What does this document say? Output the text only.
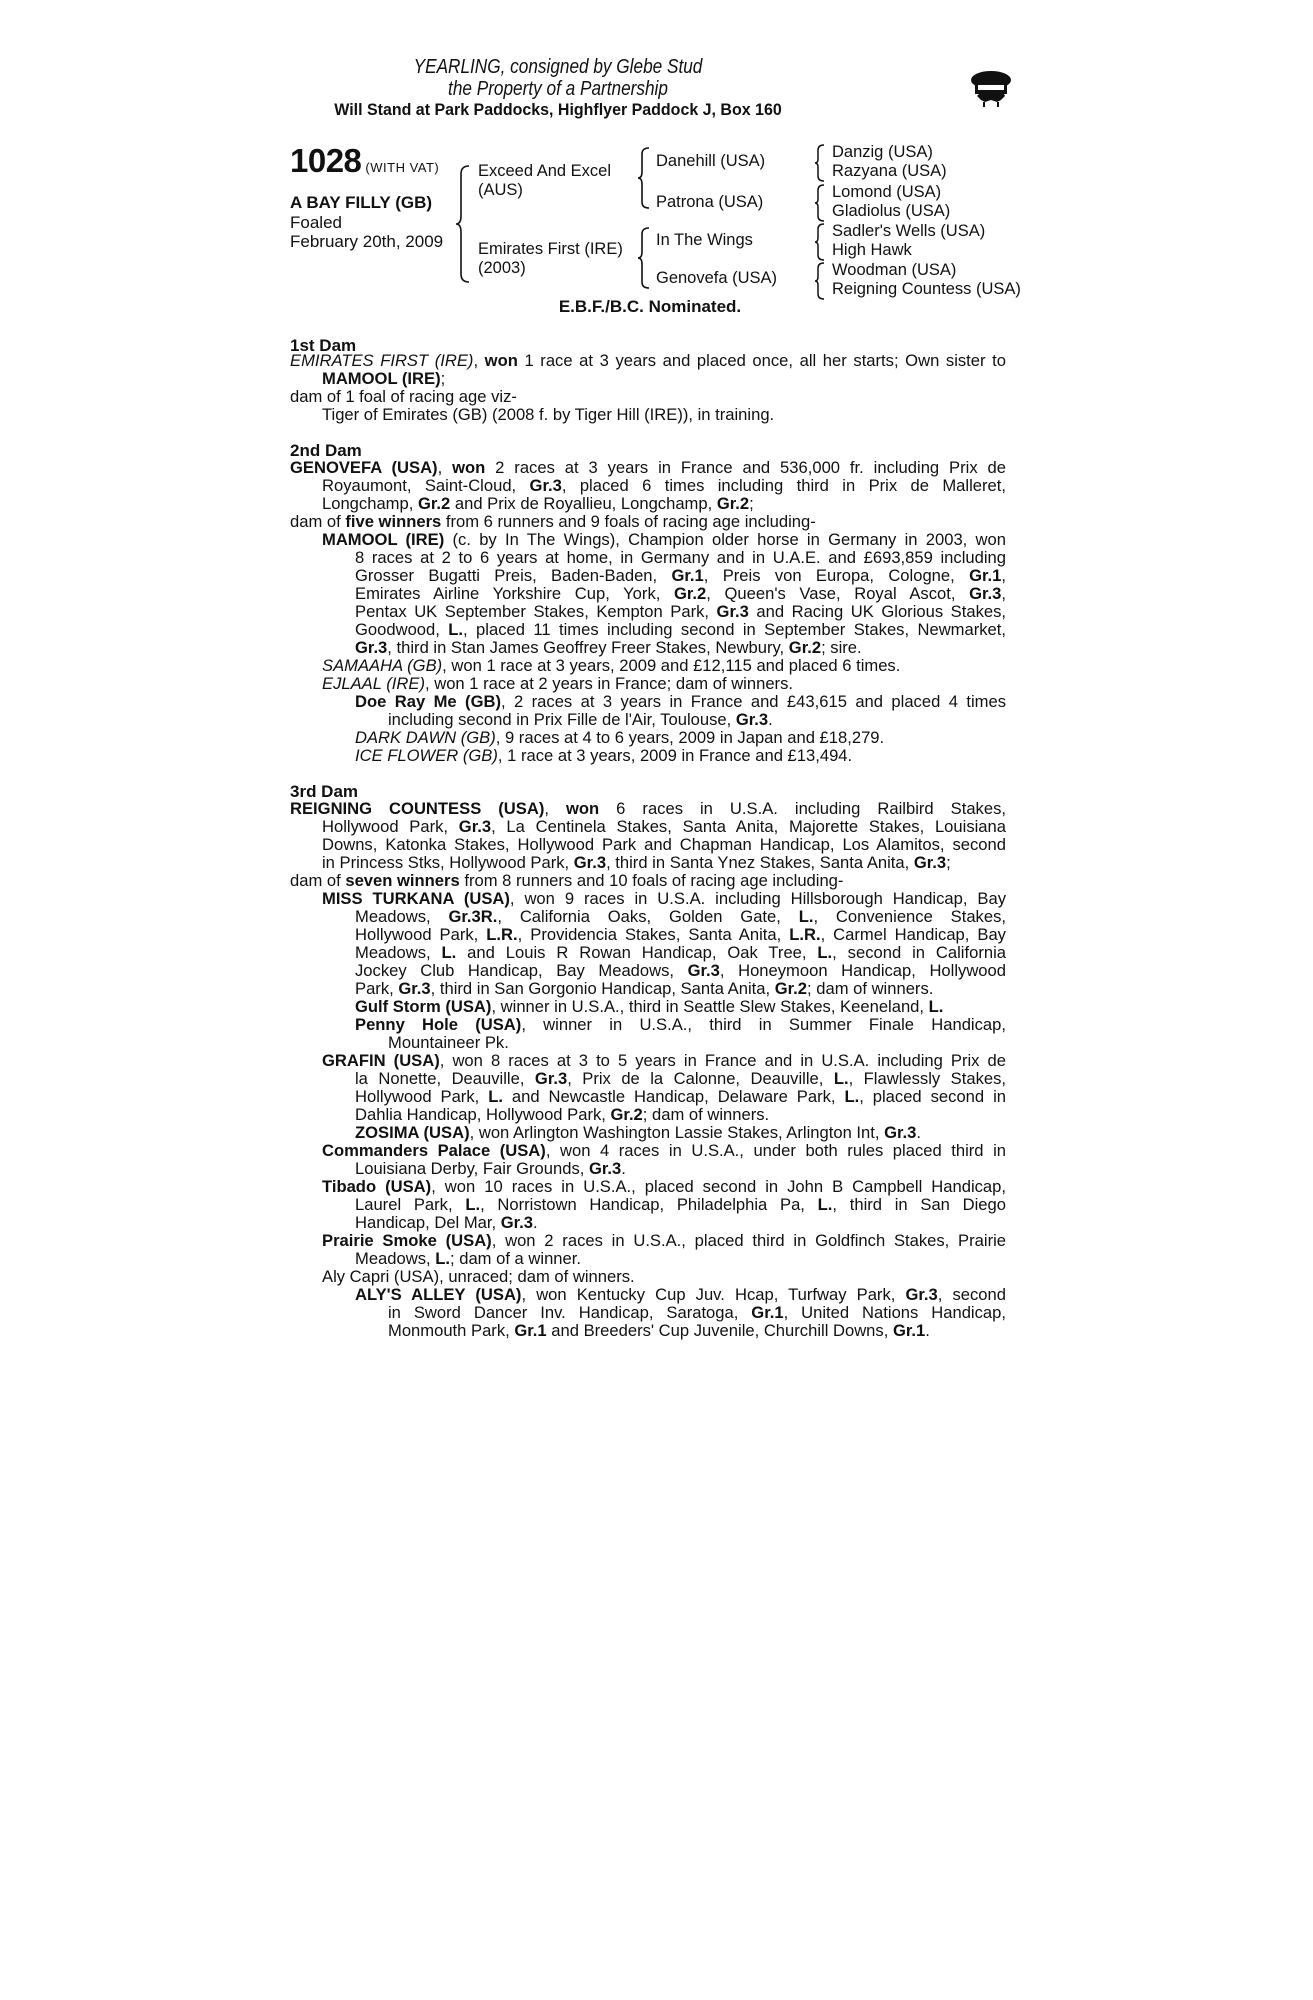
YEARLING, consigned by Glebe Stud
the Property of a Partnership
Will Stand at Park Paddocks, Highflyer Paddock J, Box 160
1028 (WITH VAT)
A BAY FILLY (GB)
Foaled
February 20th, 2009
Exceed And Excel
(AUS)
Emirates First (IRE)
(2003)
Danehill (USA)
Patrona (USA)
In The Wings
Genovefa (USA)
Danzig (USA)
Razyana (USA)
Lomond (USA)
Gladiolus (USA)
Sadler's Wells (USA)
High Hawk
Woodman (USA)
Reigning Countess (USA)
E.B.F./B.C. Nominated.
1st Dam
EMIRATES FIRST (IRE), won 1 race at 3 years and placed once, all her starts; Own sister to
MAMOOL (IRE);
dam of 1 foal of racing age viz-
Tiger of Emirates (GB) (2008 f. by Tiger Hill (IRE)), in training.
2nd Dam
GENOVEFA (USA), won 2 races at 3 years in France and 536,000 fr. including Prix de
Royaumont, Saint-Cloud, Gr.3, placed 6 times including third in Prix de Malleret,
Longchamp, Gr.2 and Prix de Royallieu, Longchamp, Gr.2;
dam of five winners from 6 runners and 9 foals of racing age including-
MAMOOL (IRE) (c. by In The Wings), Champion older horse in Germany in 2003, won
8 races at 2 to 6 years at home, in Germany and in U.A.E. and £693,859 including
Grosser Bugatti Preis, Baden-Baden, Gr.1, Preis von Europa, Cologne, Gr.1,
Emirates Airline Yorkshire Cup, York, Gr.2, Queen's Vase, Royal Ascot, Gr.3,
Pentax UK September Stakes, Kempton Park, Gr.3 and Racing UK Glorious Stakes,
Goodwood, L., placed 11 times including second in September Stakes, Newmarket,
Gr.3, third in Stan James Geoffrey Freer Stakes, Newbury, Gr.2; sire.
SAMAAHA (GB), won 1 race at 3 years, 2009 and £12,115 and placed 6 times.
EJLAAL (IRE), won 1 race at 2 years in France; dam of winners.
Doe Ray Me (GB), 2 races at 3 years in France and £43,615 and placed 4 times
including second in Prix Fille de l'Air, Toulouse, Gr.3.
DARK DAWN (GB), 9 races at 4 to 6 years, 2009 in Japan and £18,279.
ICE FLOWER (GB), 1 race at 3 years, 2009 in France and £13,494.
3rd Dam
REIGNING COUNTESS (USA), won 6 races in U.S.A. including Railbird Stakes,
Hollywood Park, Gr.3, La Centinela Stakes, Santa Anita, Majorette Stakes, Louisiana
Downs, Katonka Stakes, Hollywood Park and Chapman Handicap, Los Alamitos, second
in Princess Stks, Hollywood Park, Gr.3, third in Santa Ynez Stakes, Santa Anita, Gr.3;
dam of seven winners from 8 runners and 10 foals of racing age including-
MISS TURKANA (USA), won 9 races in U.S.A. including Hillsborough Handicap, Bay
Meadows, Gr.3R., California Oaks, Golden Gate, L., Convenience Stakes,
Hollywood Park, L.R., Providencia Stakes, Santa Anita, L.R., Carmel Handicap, Bay
Meadows, L. and Louis R Rowan Handicap, Oak Tree, L., second in California
Jockey Club Handicap, Bay Meadows, Gr.3, Honeymoon Handicap, Hollywood
Park, Gr.3, third in San Gorgonio Handicap, Santa Anita, Gr.2; dam of winners.
Gulf Storm (USA), winner in U.S.A., third in Seattle Slew Stakes, Keeneland, L.
Penny Hole (USA), winner in U.S.A., third in Summer Finale Handicap,
Mountaineer Pk.
GRAFIN (USA), won 8 races at 3 to 5 years in France and in U.S.A. including Prix de
la Nonette, Deauville, Gr.3, Prix de la Calonne, Deauville, L., Flawlessly Stakes,
Hollywood Park, L. and Newcastle Handicap, Delaware Park, L., placed second in
Dahlia Handicap, Hollywood Park, Gr.2; dam of winners.
ZOSIMA (USA), won Arlington Washington Lassie Stakes, Arlington Int, Gr.3.
Commanders Palace (USA), won 4 races in U.S.A., under both rules placed third in
Louisiana Derby, Fair Grounds, Gr.3.
Tibado (USA), won 10 races in U.S.A., placed second in John B Campbell Handicap,
Laurel Park, L., Norristown Handicap, Philadelphia Pa, L., third in San Diego
Handicap, Del Mar, Gr.3.
Prairie Smoke (USA), won 2 races in U.S.A., placed third in Goldfinch Stakes, Prairie
Meadows, L.; dam of a winner.
Aly Capri (USA), unraced; dam of winners.
ALY'S ALLEY (USA), won Kentucky Cup Juv. Hcap, Turfway Park, Gr.3, second
in Sword Dancer Inv. Handicap, Saratoga, Gr.1, United Nations Handicap,
Monmouth Park, Gr.1 and Breeders' Cup Juvenile, Churchill Downs, Gr.1.
